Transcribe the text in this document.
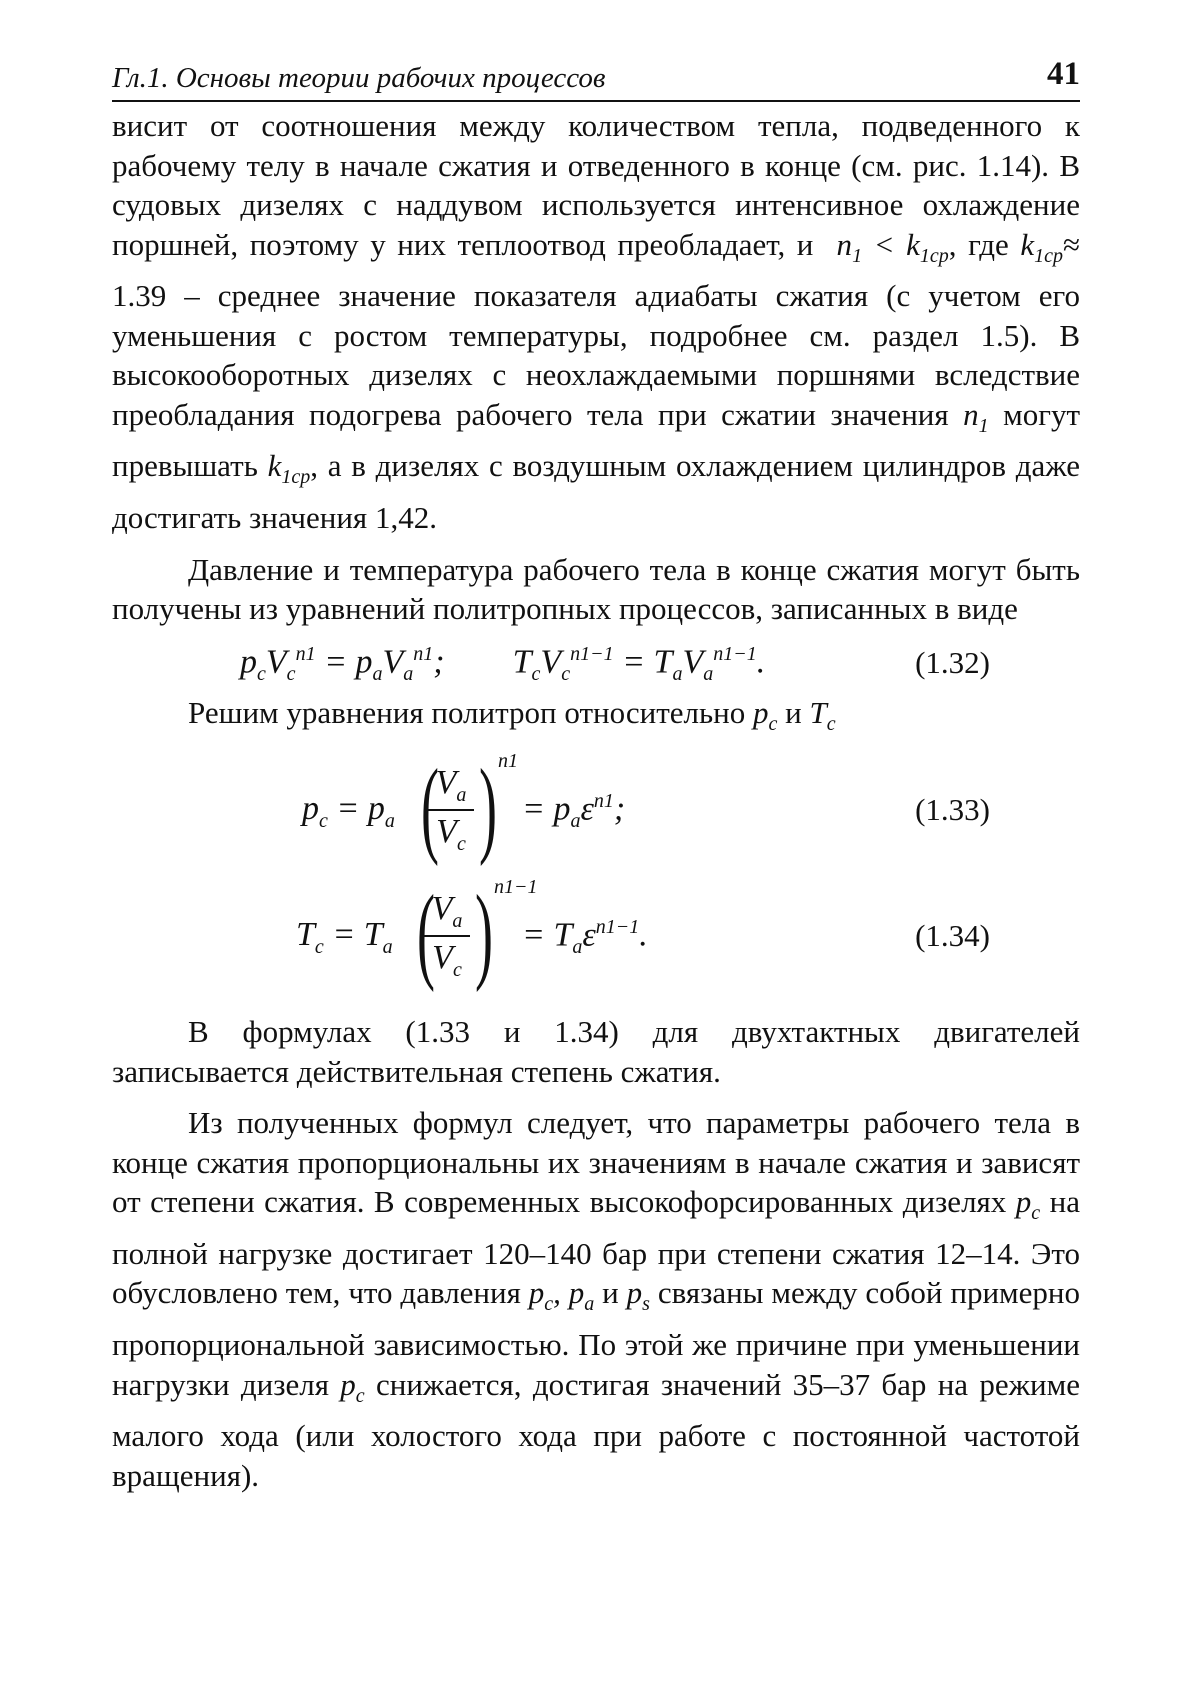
Гл.1. Основы теории рабочих процессов	41

висит от соотношения между количеством тепла, подведенного к рабочему телу в начале сжатия и отведенного в конце (см. рис. 1.14). В судовых дизелях с наддувом используется интенсивное охлаждение поршней, поэтому у них теплоотвод преобладает, и  $n_1 < k_{1cp}$, где $k_{1cp}\approx 1.39$ – среднее значение показателя адиабаты сжатия (с учетом его уменьшения с ростом температуры, подробнее см. раздел 1.5). В высокооборотных дизелях с неохлаждаемыми поршнями вследствие преобладания подогрева рабочего тела при сжатии значения $n_1$ могут превышать $k_{1cp}$, а в дизелях с воздушным охлаждением цилиндров даже достигать значения 1,42.

Давление и температура рабочего тела в конце сжатия могут быть получены из уравнений политропных процессов, записанных в виде

$p_cV_c^{n1} = p_aV_a^{n1}$;        $T_cV_c^{n1-1} = T_aV_a^{n1-1}$.	(1.32)

Решим уравнения политроп относительно $p_c$ и $T_c$

$p_c = p_a$ (
$V_a$
$V_c$ ) n1
= $p_a\varepsilon^{n1}$;	(1.33)
$T_c = T_a$ (
$V_a$
$V_c$ ) n1−1
= $T_a\varepsilon^{n1-1}$.	(1.34)

В формулах (1.33 и 1.34) для двухтактных двигателей записывается действительная степень сжатия.

Из полученных формул следует, что параметры рабочего тела в конце сжатия пропорциональны их значениям в начале сжатия и зависят от степени сжатия. В современных высокофорсированных дизелях $p_c$ на полной нагрузке достигает 120–140 бар при степени сжатия 12–14. Это обусловлено тем, что давления $p_c$, $p_a$ и $p_s$ связаны между собой примерно пропорциональной зависимостью. По этой же причине при уменьшении нагрузки дизеля $p_c$ снижается, достигая значений 35–37 бар на режиме малого хода (или холостого хода при работе с постоянной частотой вращения).
